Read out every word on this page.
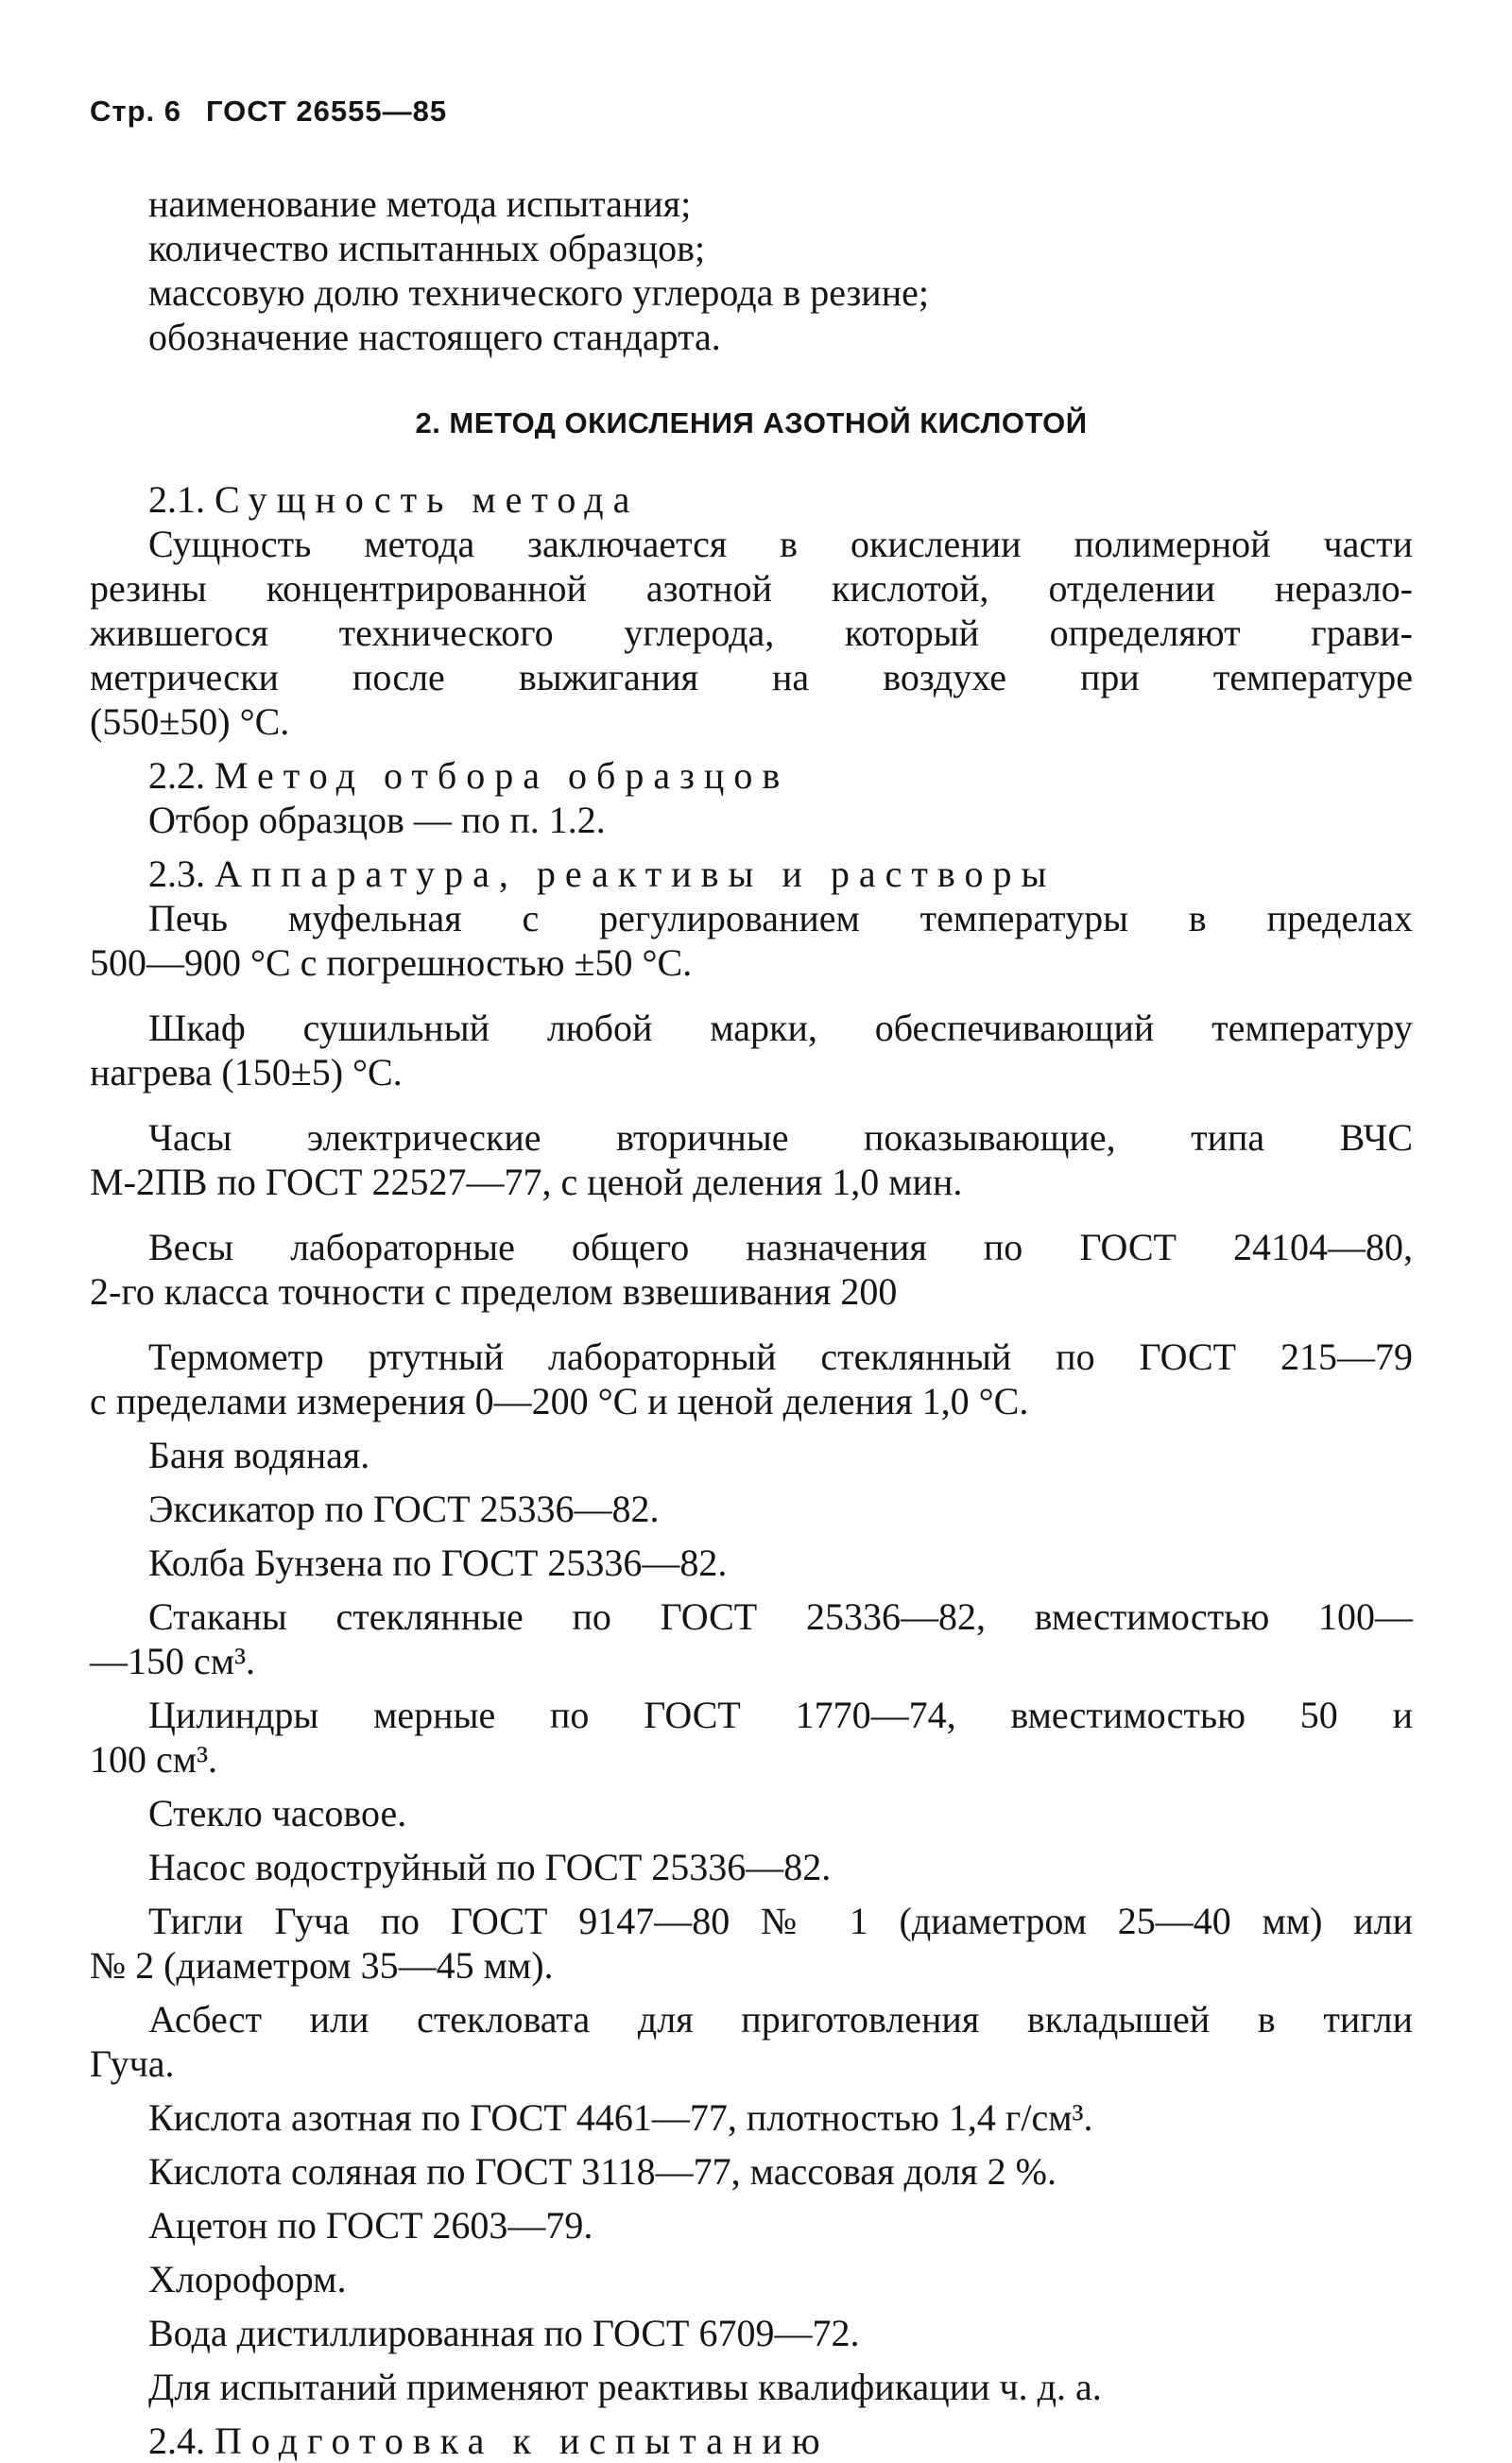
Стр. 6 ГОСТ 26555—85
наименование метода испытания;
количество испытанных образцов;
массовую долю технического углерода в резине;
обозначение настоящего стандарта.
2. МЕТОД ОКИСЛЕНИЯ АЗОТНОЙ КИСЛОТОЙ
2.1. Сущность метода
Сущность метода заключается в окислении полимерной части
резины концентрированной азотной кислотой, отделении неразло-
жившегося технического углерода, который определяют грави-
метрически после выжигания на воздухе при температуре
(550±50) °С.
2.2. Метод отбора образцов
Отбор образцов — по п. 1.2.
2.3. Аппаратура, реактивы и растворы
Печь муфельная с регулированием температуры в пределах
500—900 °С с погрешностью ±50 °С.
Шкаф сушильный любой марки, обеспечивающий температуру
нагрева (150±5) °С.
Часы электрические вторичные показывающие, типа ВЧС
М-2ПВ по ГОСТ 22527—77, с ценой деления 1,0 мин.
Весы лабораторные общего назначения по ГОСТ 24104—80,
2-го класса точности с пределом взвешивания 200
Термометр ртутный лабораторный стеклянный по ГОСТ 215—79
с пределами измерения 0—200 °С и ценой деления 1,0 °С.
Баня водяная.
Эксикатор по ГОСТ 25336—82.
Колба Бунзена по ГОСТ 25336—82.
Стаканы стеклянные по ГОСТ 25336—82, вместимостью 100—
—150 см³.
Цилиндры мерные по ГОСТ 1770—74, вместимостью 50 и
100 см³.
Стекло часовое.
Насос водоструйный по ГОСТ 25336—82.
Тигли Гуча по ГОСТ 9147—80 № 1 (диаметром 25—40 мм) или
№ 2 (диаметром 35—45 мм).
Асбест или стекловата для приготовления вкладышей в тигли
Гуча.
Кислота азотная по ГОСТ 4461—77, плотностью 1,4 г/см³.
Кислота соляная по ГОСТ 3118—77, массовая доля 2 %.
Ацетон по ГОСТ 2603—79.
Хлороформ.
Вода дистиллированная по ГОСТ 6709—72.
Для испытаний применяют реактивы квалификации ч. д. а.
2.4. Подготовка к испытанию
